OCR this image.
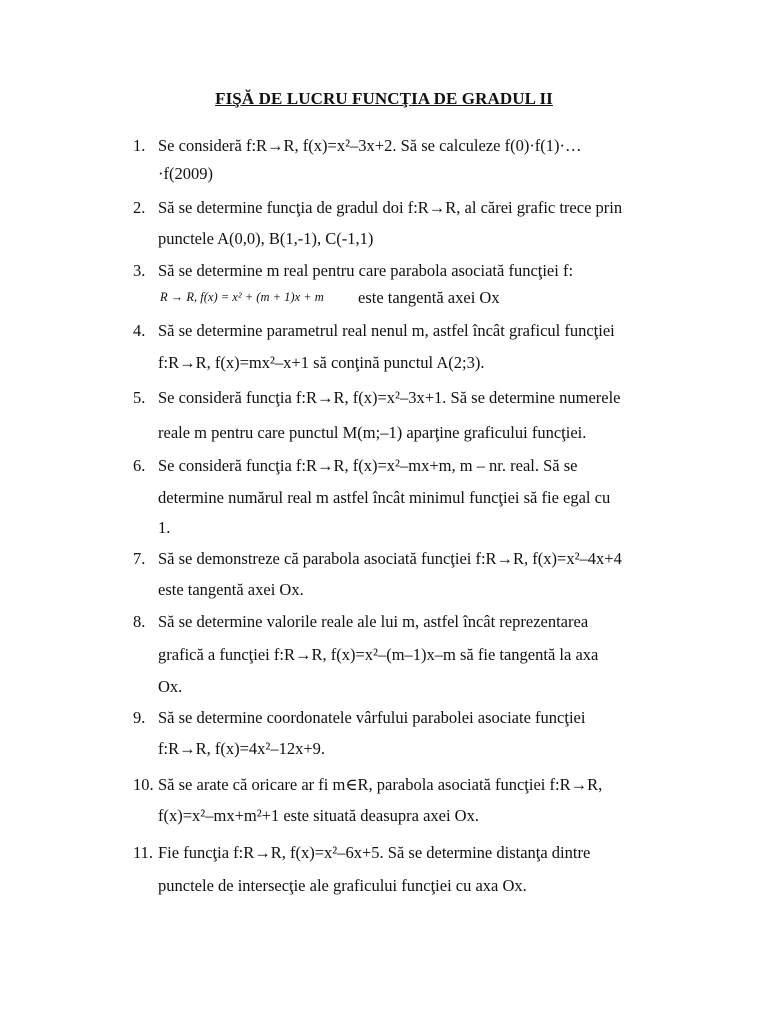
FIŞĂ DE LUCRU FUNCŢIA DE GRADUL II
1. Se consideră f:R→R, f(x)=x²–3x+2. Să se calculeze f(0)·f(1)·…
·f(2009)
2. Să se determine funcţia de gradul doi f:R→R, al cărei grafic trece prin
punctele A(0,0), B(1,-1), C(-1,1)
3. Să se determine m real pentru care parabola asociată funcţiei f:
R → R, f(x) = x² + (m + 1)x + m este tangentă axei Ox
4. Să se determine parametrul real nenul m, astfel încât graficul funcţiei
f:R→R, f(x)=mx²–x+1 să conţină punctul A(2;3).
5. Se consideră funcţia f:R→R, f(x)=x²–3x+1. Să se determine numerele
reale m pentru care punctul M(m;–1) aparţine graficului funcţiei.
6. Se consideră funcţia f:R→R, f(x)=x²–mx+m, m – nr. real. Să se
determine numărul real m astfel încât minimul funcţiei să fie egal cu
1.
7. Să se demonstreze că parabola asociată funcţiei f:R→R, f(x)=x²–4x+4
este tangentă axei Ox.
8. Să se determine valorile reale ale lui m, astfel încât reprezentarea
grafică a funcţiei f:R→R, f(x)=x²–(m–1)x–m să fie tangentă la axa
Ox.
9. Să se determine coordonatele vârfului parabolei asociate funcţiei
f:R→R, f(x)=4x²–12x+9.
10. Să se arate că oricare ar fi m∈R, parabola asociată funcţiei f:R→R,
f(x)=x²–mx+m²+1 este situată deasupra axei Ox.
11. Fie funcţia f:R→R, f(x)=x²–6x+5. Să se determine distanţa dintre
punctele de intersecţie ale graficului funcţiei cu axa Ox.
